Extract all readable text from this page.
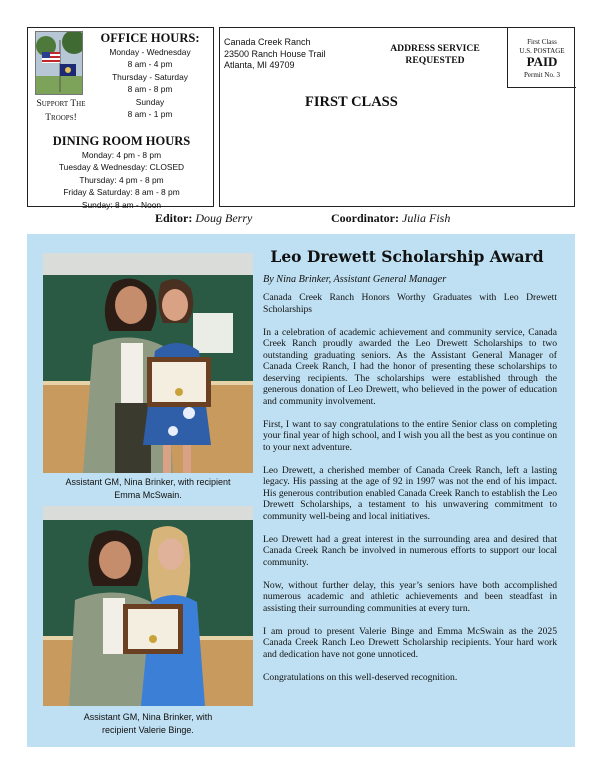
Support The
Troops!
OFFICE HOURS:
Monday - Wednesday
8 am - 4 pm
Thursday - Saturday
8 am - 8 pm
Sunday
8 am - 1 pm
DINING ROOM HOURS
Monday: 4 pm - 8 pm
Tuesday & Wednesday: CLOSED
Thursday: 4 pm - 8 pm
Friday & Saturday: 8 am - 8 pm
Sunday: 8 am - Noon
Canada Creek Ranch
23500 Ranch House Trail
Atlanta, MI 49709
ADDRESS SERVICE
REQUESTED
FIRST CLASS
First Class
U.S. POSTAGE
PAID
Permit No. 3
Editor: Doug Berry	Coordinator: Julia Fish
Assistant GM, Nina Brinker, with recipient
Emma McSwain.
Assistant GM, Nina Brinker, with
recipient Valerie Binge.
Leo Drewett Scholarship Award
By Nina Brinker, Assistant General Manager

Canada Creek Ranch Honors Worthy Graduates with Leo Drewett Scholarships

In a celebration of academic achievement and community service, Canada Creek Ranch proudly awarded the Leo Drewett Scholarships to two outstanding graduating seniors. As the Assistant General Manager of Canada Creek Ranch, I had the honor of presenting these scholarships to deserving recipients. The scholarships were established through the generous donation of Leo Drewett, who believed in the power of education and community involvement.

First, I want to say congratulations to the entire Senior class on completing your final year of high school, and I wish you all the best as you continue on to your next adventure.

Leo Drewett, a cherished member of Canada Creek Ranch, left a lasting legacy. His passing at the age of 92 in 1997 was not the end of his impact. His generous contribution enabled Canada Creek Ranch to establish the Leo Drewett Scholarships, a testament to his unwavering commitment to community well-being and local initiatives.

Leo Drewett had a great interest in the surrounding area and desired that Canada Creek Ranch be involved in numerous efforts to support our local community.

Now, without further delay, this year’s seniors have both accomplished numerous academic and athletic achievements and been steadfast in assisting their surrounding communities at every turn.

I am proud to present Valerie Binge and Emma McSwain as the 2025 Canada Creek Ranch Leo Drewett Scholarship recipients. Your hard work and dedication have not gone unnoticed.

Congratulations on this well-deserved recognition.
